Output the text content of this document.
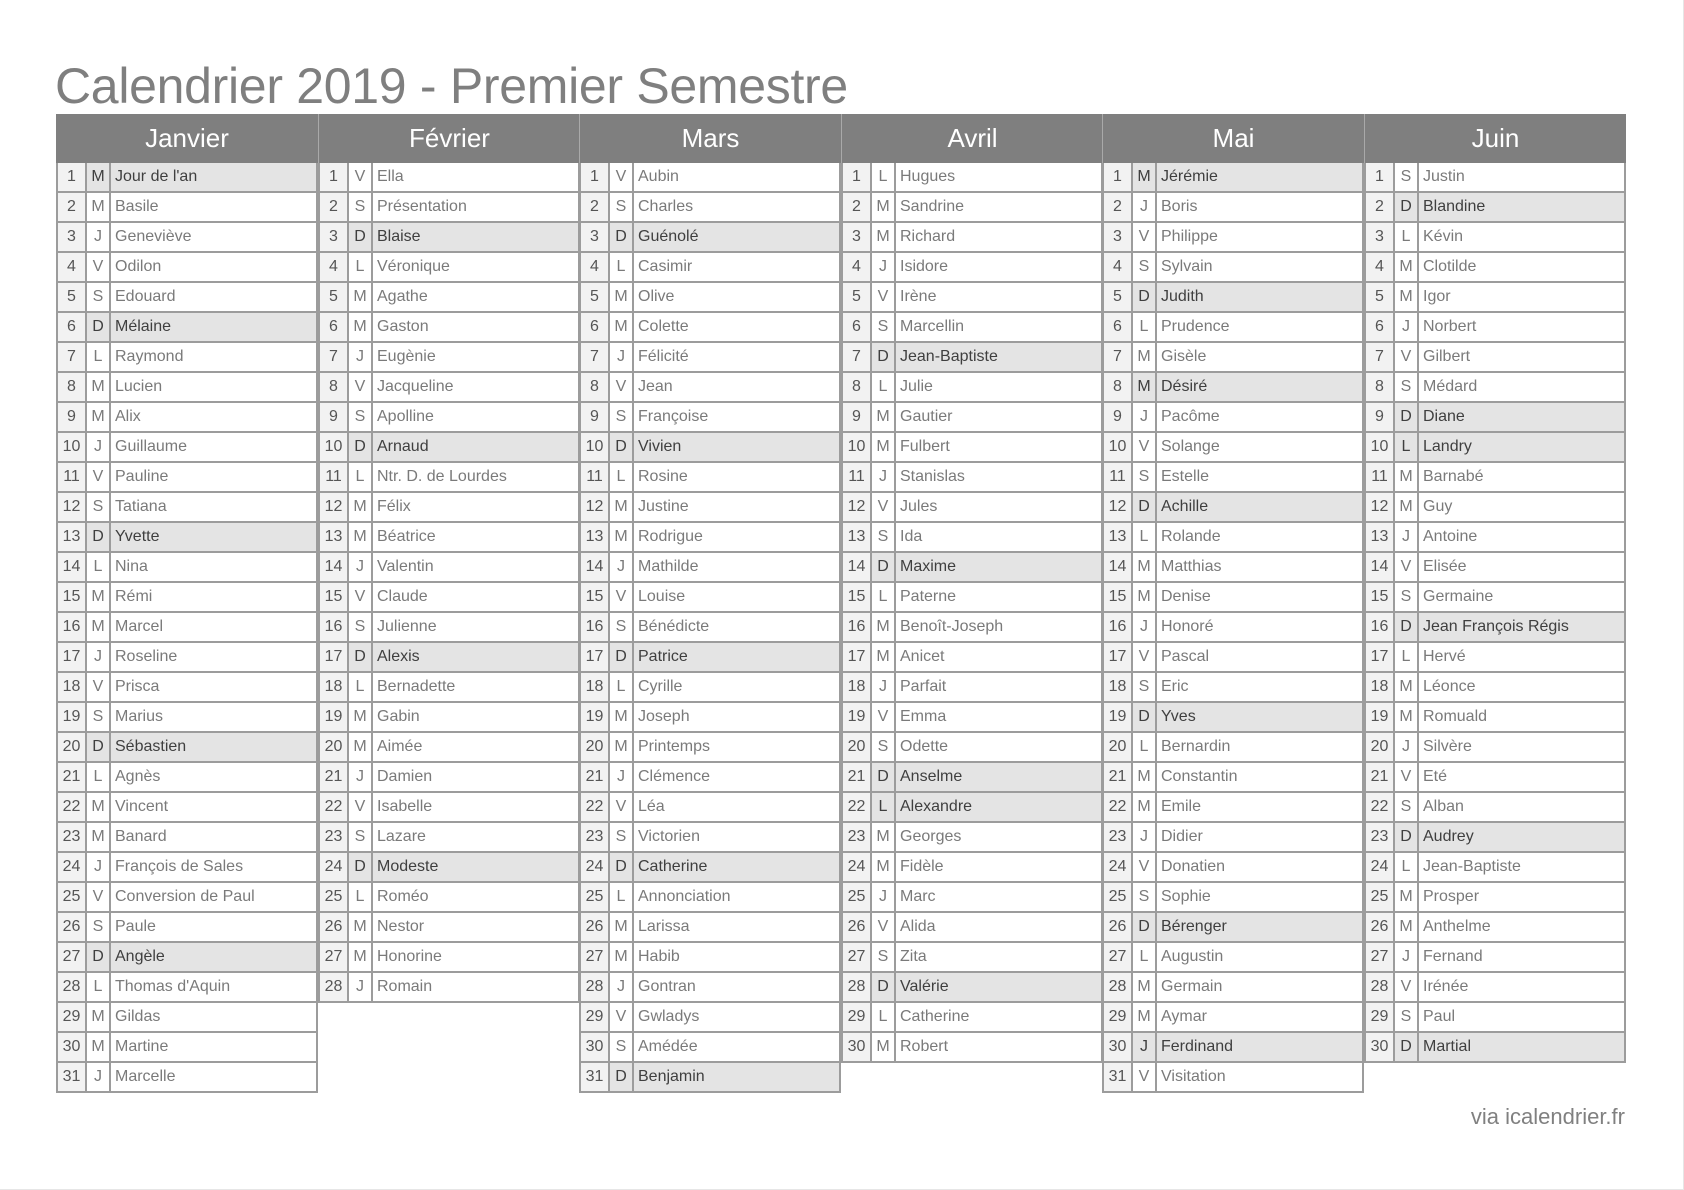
Calendrier 2019 - Premier Semestre
Janvier
1 M Jour de l'an
2 M Basile
3	J Geneviève
4	V Odilon
5	S Edouard
6	D Mélaine
7	L Raymond
8 M Lucien
9 M Alix
10 J Guillaume
11 V Pauline
12 S Tatiana
13 D Yvette
14 L Nina
15 M Rémi
16 M Marcel
17 J Roseline
18 V Prisca
19 S Marius
20 D Sébastien
21 L Agnès
22 M Vincent
23 M Banard
24 J François de Sales
25 V Conversion de Paul
26 S Paule
27 D Angèle
28 L Thomas d'Aquin
29 M Gildas
30 M Martine
31 J Marcelle
Février
1	V Ella
2	S Présentation
3	D Blaise
4	L Véronique
5 M Agathe
6 M Gaston
7	J Eugènie
8	V Jacqueline
9	S Apolline
10 D Arnaud
11 L Ntr. D. de Lourdes
12 M Félix
13 M Béatrice
14 J Valentin
15 V Claude
16 S Julienne
17 D Alexis
18 L Bernadette
19 M Gabin
20 M Aimée
21 J Damien
22 V Isabelle
23 S Lazare
24 D Modeste
25 L Roméo
26 M Nestor
27 M Honorine
28 J Romain
Mars
1	V Aubin
2	S Charles
3	D Guénolé
4	L Casimir
5 M Olive
6 M Colette
7	J Félicité
8	V Jean
9	S Françoise
10 D Vivien
11 L Rosine
12 M Justine
13 M Rodrigue
14 J Mathilde
15 V Louise
16 S Bénédicte
17 D Patrice
18 L Cyrille
19 M Joseph
20 M Printemps
21 J Clémence
22 V Léa
23 S Victorien
24 D Catherine
25 L Annonciation
26 M Larissa
27 M Habib
28 J Gontran
29 V Gwladys
30 S Amédée
31 D Benjamin
Avril
1	L Hugues
2 M Sandrine
3 M Richard
4	J Isidore
5	V Irène
6	S Marcellin
7	D Jean-Baptiste
8	L Julie
9 M Gautier
10 M Fulbert
11 J Stanislas
12 V Jules
13 S Ida
14 D Maxime
15 L Paterne
16 M Benoît-Joseph
17 M Anicet
18 J Parfait
19 V Emma
20 S Odette
21 D Anselme
22 L Alexandre
23 M Georges
24 M Fidèle
25 J Marc
26 V Alida
27 S Zita
28 D Valérie
29 L Catherine
30 M Robert
Mai
1 M Jérémie
2	J Boris
3	V Philippe
4	S Sylvain
5	D Judith
6	L Prudence
7 M Gisèle
8 M Désiré
9	J Pacôme
10 V Solange
11 S Estelle
12 D Achille
13 L Rolande
14 M Matthias
15 M Denise
16 J Honoré
17 V Pascal
18 S Eric
19 D Yves
20 L Bernardin
21 M Constantin
22 M Emile
23 J Didier
24 V Donatien
25 S Sophie
26 D Bérenger
27 L Augustin
28 M Germain
29 M Aymar
30 J Ferdinand
31 V Visitation
Juin
1	S Justin
2	D Blandine
3	L Kévin
4 M Clotilde
5 M Igor
6	J Norbert
7	V Gilbert
8	S Médard
9	D Diane
10 L Landry
11 M Barnabé
12 M Guy
13 J Antoine
14 V Elisée
15 S Germaine
16 D Jean François Régis
17 L Hervé
18 M Léonce
19 M Romuald
20 J Silvère
21 V Eté
22 S Alban
23 D Audrey
24 L Jean-Baptiste
25 M Prosper
26 M Anthelme
27 J Fernand
28 V Irénée
29 S Paul
30 D Martial
via icalendrier.fr
